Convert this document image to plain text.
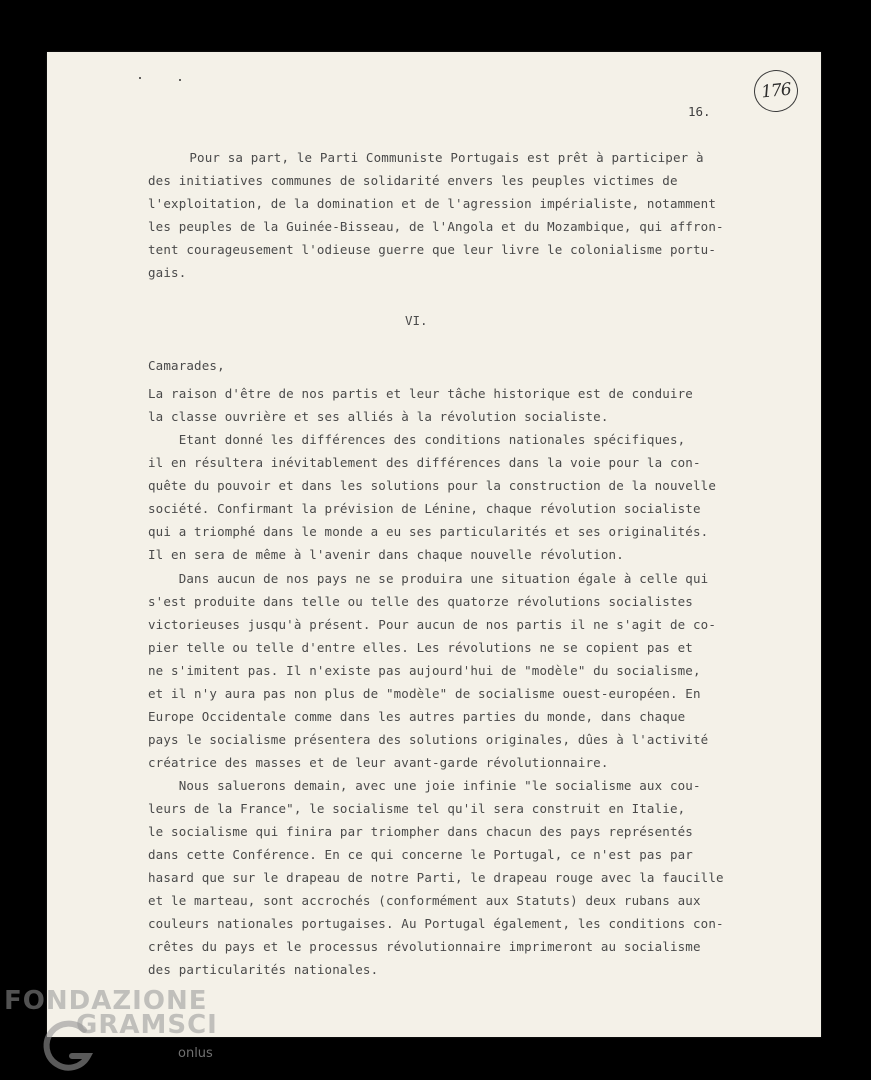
176
16.
Pour sa part, le Parti Communiste Portugais est prêt à participer à
des initiatives communes de solidarité envers les peuples victimes de
l'exploitation, de la domination et de l'agression impérialiste, notamment
les peuples de la Guinée-Bisseau, de l'Angola et du Mozambique, qui affron-
tent courageusement l'odieuse guerre que leur livre le colonialisme portu-
gais.
VI.
Camarades,
La raison d'être de nos partis et leur tâche historique est de conduire
la classe ouvrière et ses alliés à la révolution socialiste.
Etant donné les différences des conditions nationales spécifiques,
il en résultera inévitablement des différences dans la voie pour la con-
quête du pouvoir et dans les solutions pour la construction de la nouvelle
société. Confirmant la prévision de Lénine, chaque révolution socialiste
qui a triomphé dans le monde a eu ses particularités et ses originalités.
Il en sera de même à l'avenir dans chaque nouvelle révolution.
Dans aucun de nos pays ne se produira une situation égale à celle qui
s'est produite dans telle ou telle des quatorze révolutions socialistes
victorieuses jusqu'à présent. Pour aucun de nos partis il ne s'agit de co-
pier telle ou telle d'entre elles. Les révolutions ne se copient pas et
ne s'imitent pas. Il n'existe pas aujourd'hui de "modèle" du socialisme,
et il n'y aura pas non plus de "modèle" de socialisme ouest-européen. En
Europe Occidentale comme dans les autres parties du monde, dans chaque
pays le socialisme présentera des solutions originales, dûes à l'activité
créatrice des masses et de leur avant-garde révolutionnaire.
Nous saluerons demain, avec une joie infinie "le socialisme aux cou-
leurs de la France", le socialisme tel qu'il sera construit en Italie,
le socialisme qui finira par triompher dans chacun des pays représentés
dans cette Conférence. En ce qui concerne le Portugal, ce n'est pas par
hasard que sur le drapeau de notre Parti, le drapeau rouge avec la faucille
et le marteau, sont accrochés (conformément aux Statuts) deux rubans aux
couleurs nationales portugaises. Au Portugal également, les conditions con-
crêtes du pays et le processus révolutionnaire imprimeront au socialisme
des particularités nationales.
FONDAZIONE
GRAMSCI
onlus
